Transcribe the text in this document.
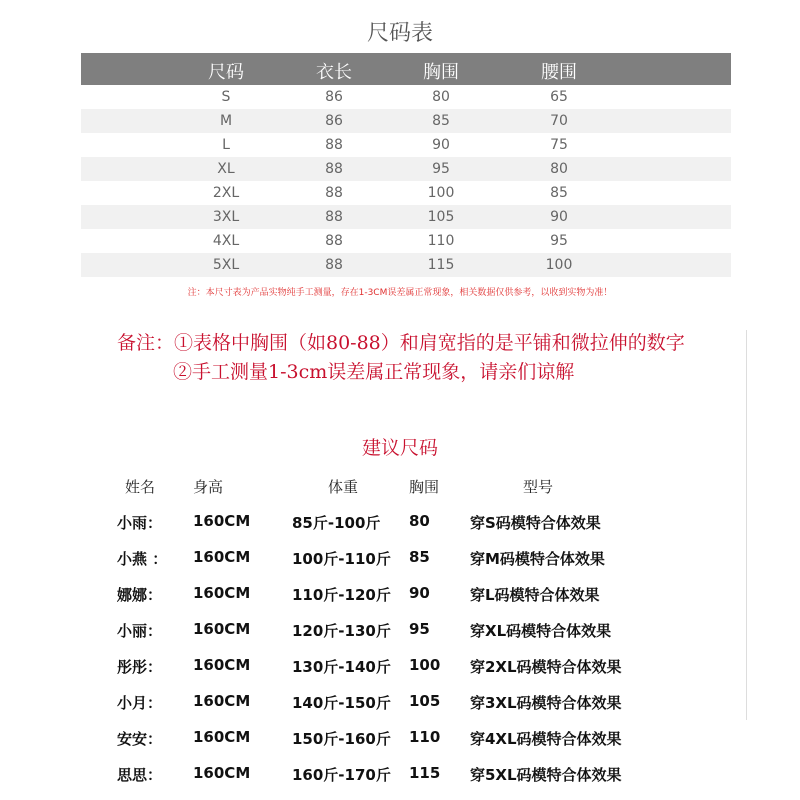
尺码表
尺码	衣长	胸围	腰围
S	86	80	65
M	86	85	70
L	88	90	75
XL	88	95	80
2XL	88	100	85
3XL	88	105	90
4XL	88	110	95
5XL	88	115	100
注：本尺寸表为产品实物纯手工测量，存在1-3CM误差属正常现象，相关数据仅供参考，以收到实物为准！
备注：①表格中胸围（如80-88）和肩宽指的是平铺和微拉伸的数字
②手工测量1-3cm误差属正常现象，请亲们谅解
建议尺码
姓名	身高	体重	胸围	型号
小雨： 160CM	85斤-100斤 80	穿S码模特合体效果
小燕 ： 160CM	100斤-110斤 85	穿M码模特合体效果
娜娜： 160CM	110斤-120斤 90	穿L码模特合体效果
小丽： 160CM	120斤-130斤 95	穿XL码模特合体效果
彤彤： 160CM	130斤-140斤 100 穿2XL码模特合体效果
小月： 160CM	140斤-150斤 105 穿3XL码模特合体效果
安安： 160CM	150斤-160斤 110 穿4XL码模特合体效果
思思： 160CM	160斤-170斤 115 穿5XL码模特合体效果
